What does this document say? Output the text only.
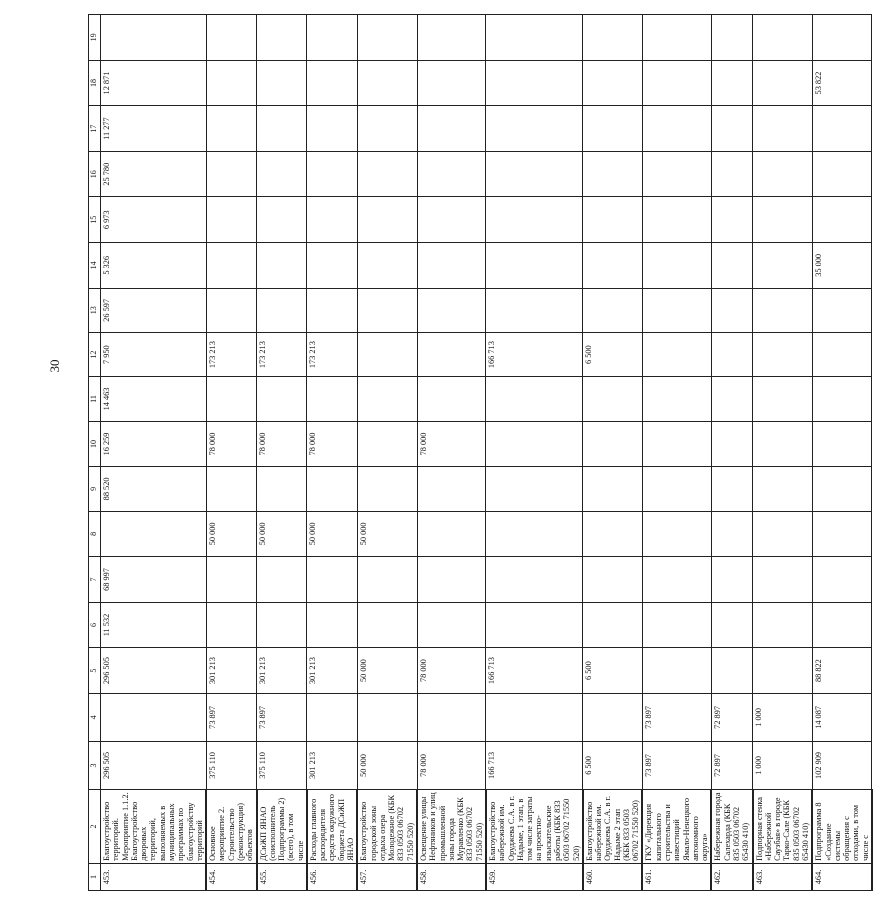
30
1	2	3	4	5	6	7	8	9	10	11	12	13	14	15	16	17	18	19
453.	Благоустройство территорий. Мероприятие 1.1.2. Благоустройство дворовых территорий, выполняемых в муниципальных программах по благоустройству территорий	296 505		296 505	11 532	68 997		88 520	16 259	14 463	7 950	26 597	5 326	6 973	25 780	11 277	12 871	
454.	Основное мероприятие 2. Строительство (реконструкция) объектов	375 110	73 897	301 213			50 000		78 000		173 213							
455.	ДСиЖП ЯНАО (соисполнитель Подпрограммы 2) (всего), в том числе	375 110	73 897	301 213			50 000		78 000		173 213							
456.	Расходы главного распорядителя средств окружного бюджета ДСиЖП ЯНАО	301 213		301 213			50 000		78 000		173 213							
457.	Благоустройство городской зоны отдыха озера Молодежное (КБК 833 0503 06702 71550 520)	50 000		50 000			50 000											
458.	Освещение улицы Нефтяников и улиц промышленной зоны города Муравленко (КБК 833 0503 06702 71550 520)	78 000		78 000					78 000									
459.	Благоустройство набережной им. Оруджева С.А. в г. Надыме, 1 этап, в том числе затраты на проектно-изыскательские работы (КБК 833 0503 06702 71550 520)	166 713		166 713							166 713							
460.	Благоустройство набережной им. Оруджева С.А. в г. Надыме 2 этап (КБК 833 0503 06702 71550 520)	6 500		6 500							6 500							
461.	ГКУ «Дирекция капитального строительства и инвестиций Ямало-Ненецкого автономного округа»	73 897	73 897															
462.	Набережная города Салехарда (КБК 835 0503 06702 65430 410)	72 897	72 897															
463.	Подпорная стенка «Набережной Саузбая» в городе Тарко-Сале (КБК 835 0503 06702 65430 410)	1 000	1 000															
464.	Подпрограмма 8 «Создание системы обращения с отходами, в том числе с	102 909	14 087	88 822									35 000				53 822	
